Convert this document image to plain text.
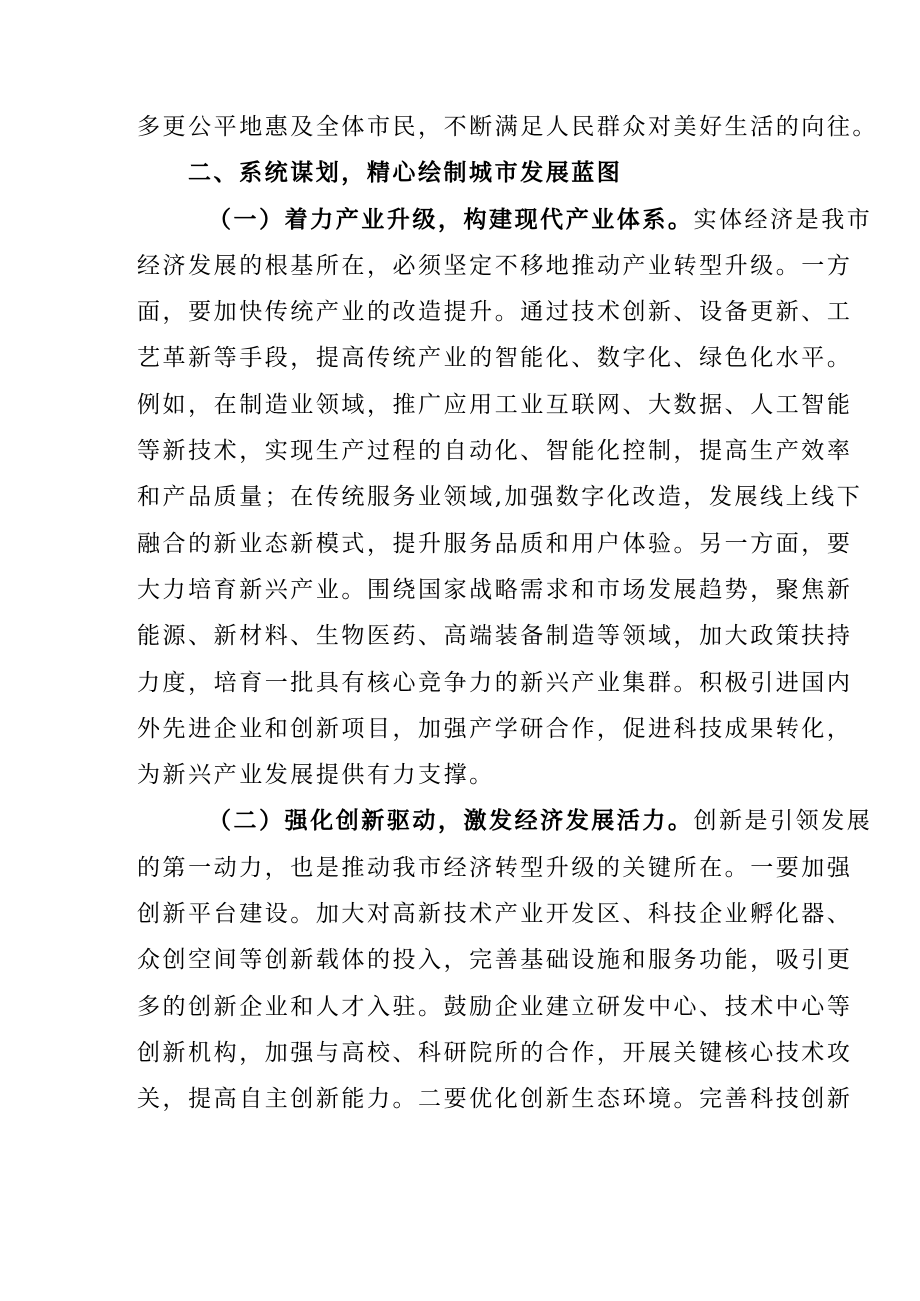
多更公平地惠及全体市民，不断满足人民群众对美好生活的向往。
二、系统谋划，精心绘制城市发展蓝图
（一）着力产业升级，构建现代产业体系。实体经济是我市
经济发展的根基所在，必须坚定不移地推动产业转型升级。一方
面，要加快传统产业的改造提升。通过技术创新、设备更新、工
艺革新等手段，提高传统产业的智能化、数字化、绿色化水平。
例如，在制造业领域，推广应用工业互联网、大数据、人工智能
等新技术，实现生产过程的自动化、智能化控制，提高生产效率
和产品质量；在传统服务业领域,加强数字化改造，发展线上线下
融合的新业态新模式，提升服务品质和用户体验。另一方面，要
大力培育新兴产业。围绕国家战略需求和市场发展趋势，聚焦新
能源、新材料、生物医药、高端装备制造等领域，加大政策扶持
力度，培育一批具有核心竞争力的新兴产业集群。积极引进国内
外先进企业和创新项目，加强产学研合作，促进科技成果转化，
为新兴产业发展提供有力支撑。
（二）强化创新驱动，激发经济发展活力。创新是引领发展
的第一动力，也是推动我市经济转型升级的关键所在。一要加强
创新平台建设。加大对高新技术产业开发区、科技企业孵化器、
众创空间等创新载体的投入，完善基础设施和服务功能，吸引更
多的创新企业和人才入驻。鼓励企业建立研发中心、技术中心等
创新机构，加强与高校、科研院所的合作，开展关键核心技术攻
关，提高自主创新能力。二要优化创新生态环境。完善科技创新
